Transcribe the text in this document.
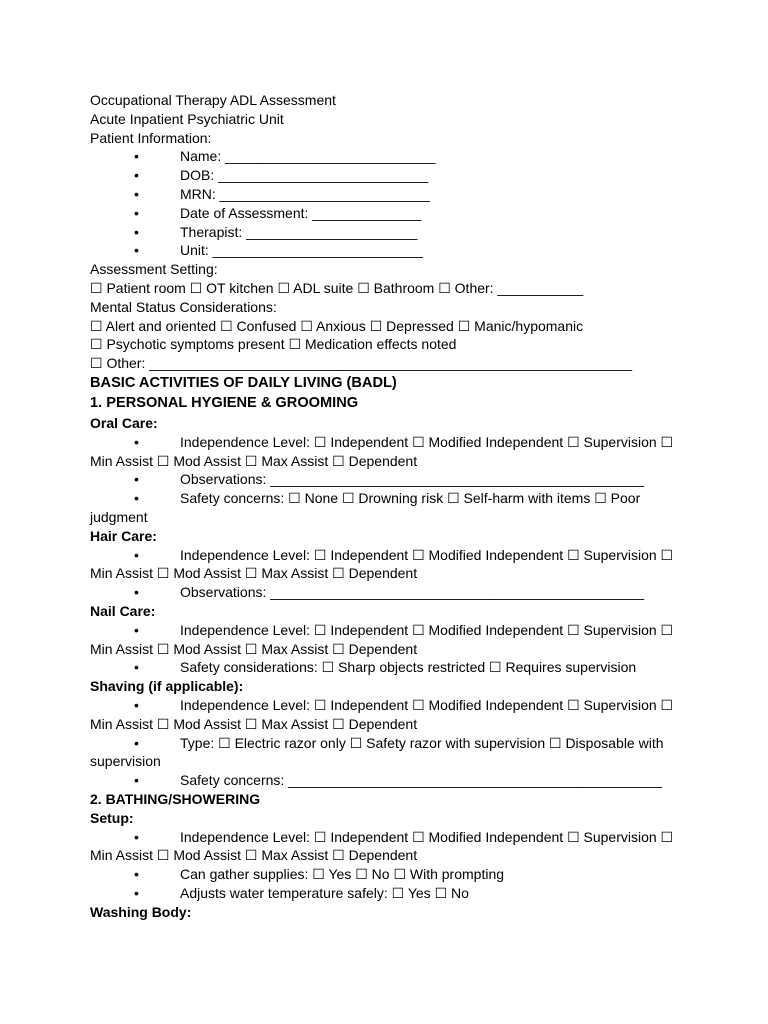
Occupational Therapy ADL Assessment
Acute Inpatient Psychiatric Unit
Patient Information:
•	Name: ___________________________
•	DOB: ___________________________
•	MRN: ___________________________
•	Date of Assessment: ______________
•	Therapist: ______________________
•	Unit: ___________________________
Assessment Setting:
☐ Patient room ☐ OT kitchen ☐ ADL suite ☐ Bathroom ☐ Other: ___________
Mental Status Considerations:
☐ Alert and oriented ☐ Confused ☐ Anxious ☐ Depressed ☐ Manic/hypomanic
☐ Psychotic symptoms present ☐ Medication effects noted
☐ Other: ______________________________________________________________
BASIC ACTIVITIES OF DAILY LIVING (BADL)
1. PERSONAL HYGIENE & GROOMING
Oral Care:
•	Independence Level: ☐ Independent ☐ Modified Independent ☐ Supervision ☐ Min Assist ☐ Mod Assist ☐ Max Assist ☐ Dependent
•	Observations: ________________________________________________
•	Safety concerns: ☐ None ☐ Drowning risk ☐ Self-harm with items ☐ Poor judgment
Hair Care:
•	Independence Level: ☐ Independent ☐ Modified Independent ☐ Supervision ☐ Min Assist ☐ Mod Assist ☐ Max Assist ☐ Dependent
•	Observations: ________________________________________________
Nail Care:
•	Independence Level: ☐ Independent ☐ Modified Independent ☐ Supervision ☐ Min Assist ☐ Mod Assist ☐ Max Assist ☐ Dependent
•	Safety considerations: ☐ Sharp objects restricted ☐ Requires supervision
Shaving (if applicable):
•	Independence Level: ☐ Independent ☐ Modified Independent ☐ Supervision ☐ Min Assist ☐ Mod Assist ☐ Max Assist ☐ Dependent
•	Type: ☐ Electric razor only ☐ Safety razor with supervision ☐ Disposable with supervision
•	Safety concerns: ________________________________________________
2. BATHING/SHOWERING
Setup:
•	Independence Level: ☐ Independent ☐ Modified Independent ☐ Supervision ☐ Min Assist ☐ Mod Assist ☐ Max Assist ☐ Dependent
•	Can gather supplies: ☐ Yes ☐ No ☐ With prompting
•	Adjusts water temperature safely: ☐ Yes ☐ No
Washing Body:
